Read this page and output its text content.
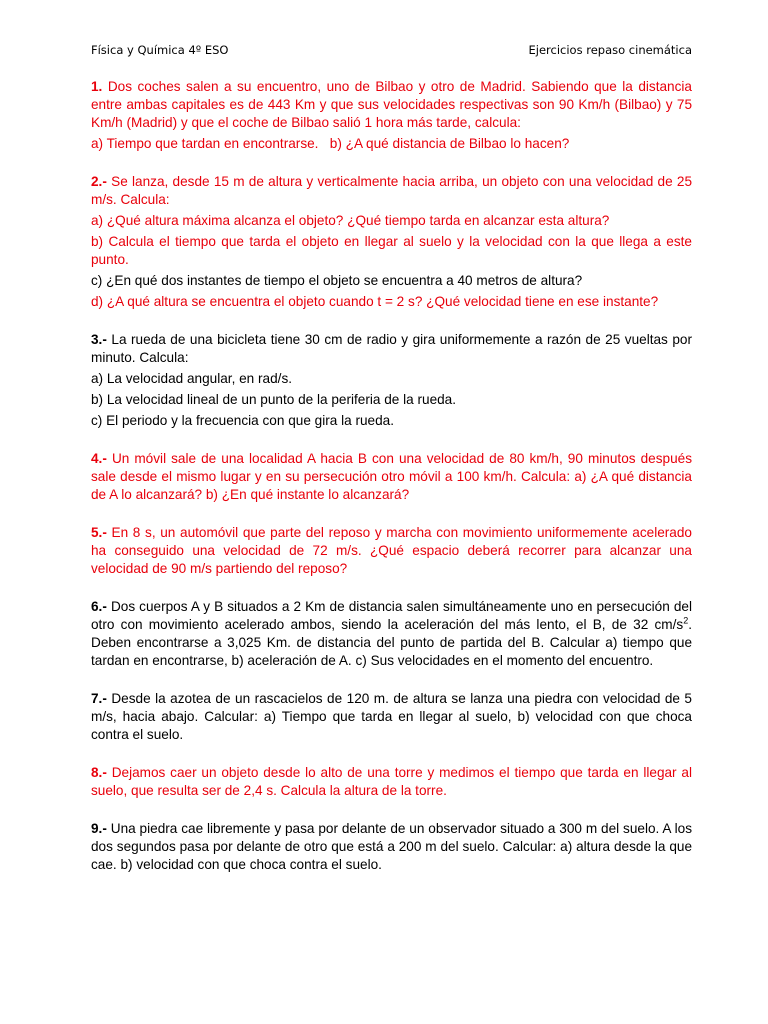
Física y Química 4º ESO	Ejercicios repaso cinemática

1. Dos coches salen a su encuentro, uno de Bilbao y otro de Madrid. Sabiendo que la distancia entre ambas capitales es de 443 Km y que sus velocidades respectivas son 90 Km/h (Bilbao) y 75 Km/h (Madrid) y que el coche de Bilbao salió 1 hora más tarde, calcula:

a) Tiempo que tardan en encontrarse.   b) ¿A qué distancia de Bilbao lo hacen?

2.- Se lanza, desde 15 m de altura y verticalmente hacia arriba, un objeto con una velocidad de 25 m/s. Calcula:

a) ¿Qué altura máxima alcanza el objeto? ¿Qué tiempo tarda en alcanzar esta altura?

b) Calcula el tiempo que tarda el objeto en llegar al suelo y la velocidad con la que llega a este punto.

c) ¿En qué dos instantes de tiempo el objeto se encuentra a 40 metros de altura?

d) ¿A qué altura se encuentra el objeto cuando t = 2 s? ¿Qué velocidad tiene en ese instante?

3.- La rueda de una bicicleta tiene 30 cm de radio y gira uniformemente a razón de 25 vueltas por minuto. Calcula:

a) La velocidad angular, en rad/s.

b) La velocidad lineal de un punto de la periferia de la rueda.

c) El periodo y la frecuencia con que gira la rueda.

4.- Un móvil sale de una localidad A hacia B con una velocidad de 80 km/h, 90 minutos después sale desde el mismo lugar y en su persecución otro móvil a 100 km/h. Calcula: a) ¿A qué distancia de A lo alcanzará? b) ¿En qué instante lo alcanzará?

5.- En 8 s, un automóvil que parte del reposo y marcha con movimiento uniformemente acelerado ha conseguido una velocidad de 72 m/s. ¿Qué espacio deberá recorrer para alcanzar una velocidad de 90 m/s partiendo del reposo?

6.- Dos cuerpos A y B situados a 2 Km de distancia salen simultáneamente uno en persecución del otro con movimiento acelerado ambos, siendo la aceleración del más lento, el B, de 32 $cm/s^2$. Deben encontrarse a 3,025 Km. de distancia del punto de partida del B. Calcular a) tiempo que tardan en encontrarse, b) aceleración de A. c) Sus velocidades en el momento del encuentro.

7.- Desde la azotea de un rascacielos de 120 m. de altura se lanza una piedra con velocidad de 5 m/s, hacia abajo. Calcular: a) Tiempo que tarda en llegar al suelo, b) velocidad con que choca contra el suelo.

8.- Dejamos caer un objeto desde lo alto de una torre y medimos el tiempo que tarda en llegar al suelo, que resulta ser de 2,4 s. Calcula la altura de la torre.

9.- Una piedra cae libremente y pasa por delante de un observador situado a 300 m del suelo. A los dos segundos pasa por delante de otro que está a 200 m del suelo. Calcular: a) altura desde la que cae. b) velocidad con que choca contra el suelo.
